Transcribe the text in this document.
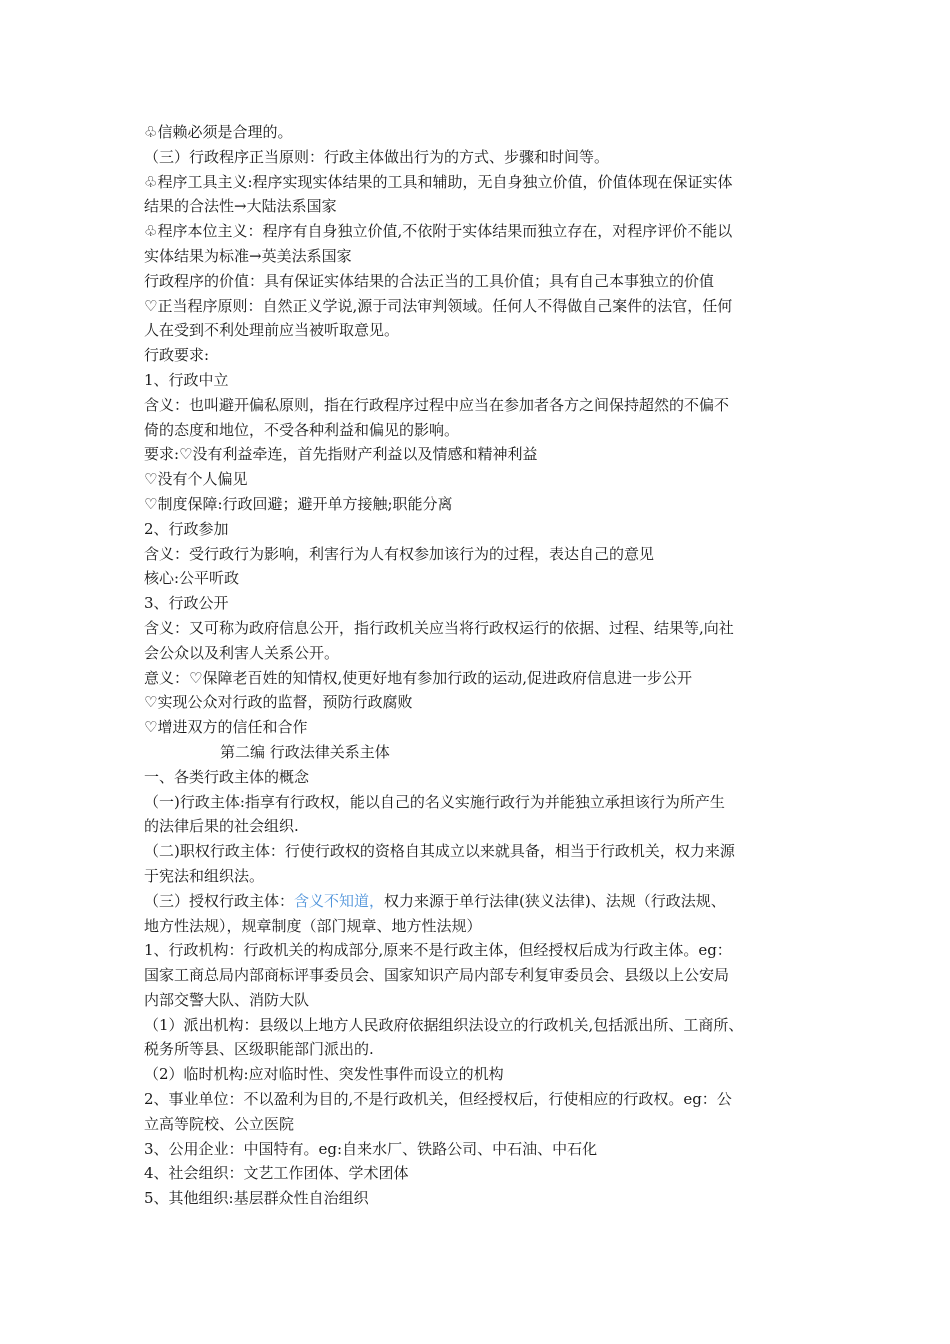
♧信赖必须是合理的。
（三）行政程序正当原则：行政主体做出行为的方式、步骤和时间等。
♧程序工具主义:程序实现实体结果的工具和辅助，无自身独立价值，价值体现在保证实体
结果的合法性→大陆法系国家
♧程序本位主义：程序有自身独立价值,不依附于实体结果而独立存在，对程序评价不能以
实体结果为标准→英美法系国家
行政程序的价值：具有保证实体结果的合法正当的工具价值；具有自己本事独立的价值
♡正当程序原则：自然正义学说,源于司法审判领域。任何人不得做自己案件的法官，任何
人在受到不利处理前应当被听取意见。
行政要求:
1、行政中立
含义：也叫避开偏私原则，指在行政程序过程中应当在参加者各方之间保持超然的不偏不
倚的态度和地位，不受各种利益和偏见的影响。
要求:♡没有利益牵连，首先指财产利益以及情感和精神利益
♡没有个人偏见
♡制度保障:行政回避；避开单方接触;职能分离
2、行政参加
含义：受行政行为影响，利害行为人有权参加该行为的过程，表达自己的意见
核心:公平听政
3、行政公开
含义：又可称为政府信息公开，指行政机关应当将行政权运行的依据、过程、结果等,向社
会公众以及利害人关系公开。
意义：♡保障老百姓的知情权,使更好地有参加行政的运动,促进政府信息进一步公开
♡实现公众对行政的监督，预防行政腐败
♡增进双方的信任和合作
第二编 行政法律关系主体
一、各类行政主体的概念
（一)行政主体:指享有行政权，能以自己的名义实施行政行为并能独立承担该行为所产生
的法律后果的社会组织.
（二)职权行政主体：行使行政权的资格自其成立以来就具备，相当于行政机关，权力来源
于宪法和组织法。
（三）授权行政主体：含义不知道，权力来源于单行法律(狭义法律)、法规（行政法规、
地方性法规），规章制度（部门规章、地方性法规）
1、行政机构：行政机关的构成部分,原来不是行政主体，但经授权后成为行政主体。eg：
国家工商总局内部商标评事委员会、国家知识产局内部专利复审委员会、县级以上公安局
内部交警大队、消防大队
（1）派出机构：县级以上地方人民政府依据组织法设立的行政机关,包括派出所、工商所、
税务所等县、区级职能部门派出的.
（2）临时机构:应对临时性、突发性事件而设立的机构
2、事业单位：不以盈利为目的,不是行政机关，但经授权后，行使相应的行政权。eg：公
立高等院校、公立医院
3、公用企业：中国特有。eg:自来水厂、铁路公司、中石油、中石化
4、社会组织：文艺工作团体、学术团体
5、其他组织:基层群众性自治组织
